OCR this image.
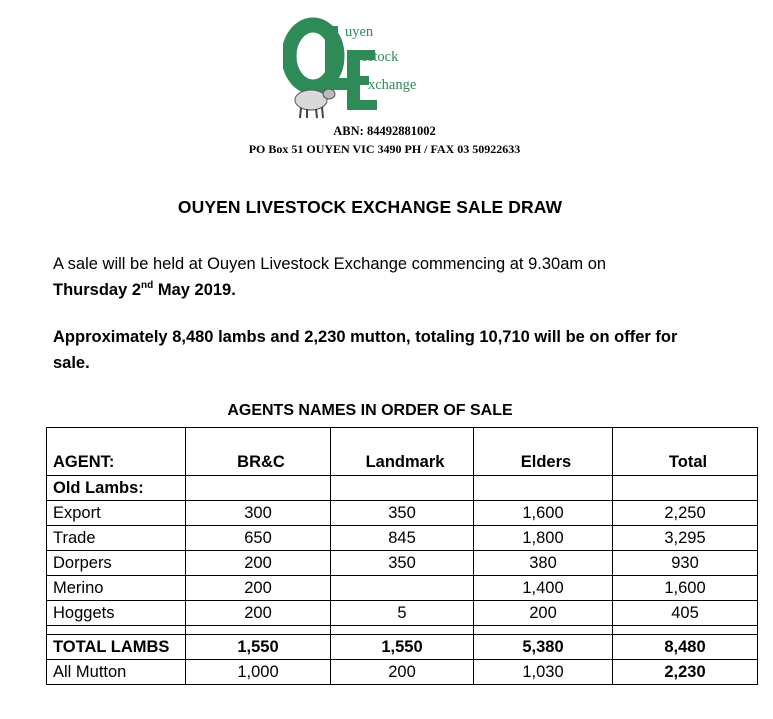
uyen
ivestock
xchange
ABN: 84492881002
PO Box 51 OUYEN VIC 3490 PH / FAX 03 50922633
OUYEN LIVESTOCK EXCHANGE SALE DRAW
A sale will be held at Ouyen Livestock Exchange commencing at 9.30am on
Thursday 2nd May 2019.
Approximately 8,480 lambs and 2,230 mutton, totaling 10,710 will be on offer for sale.
AGENTS NAMES IN ORDER OF SALE
AGENT:	BR&C	Landmark	Elders	Total
Old Lambs:				
Export	300	350	1,600	2,250
Trade	650	845	1,800	3,295
Dorpers	200	350	380	930
Merino	200		1,400	1,600
Hoggets	200	5	200	405

TOTAL LAMBS	1,550	1,550	5,380	8,480
All Mutton	1,000	200	1,030	2,230
